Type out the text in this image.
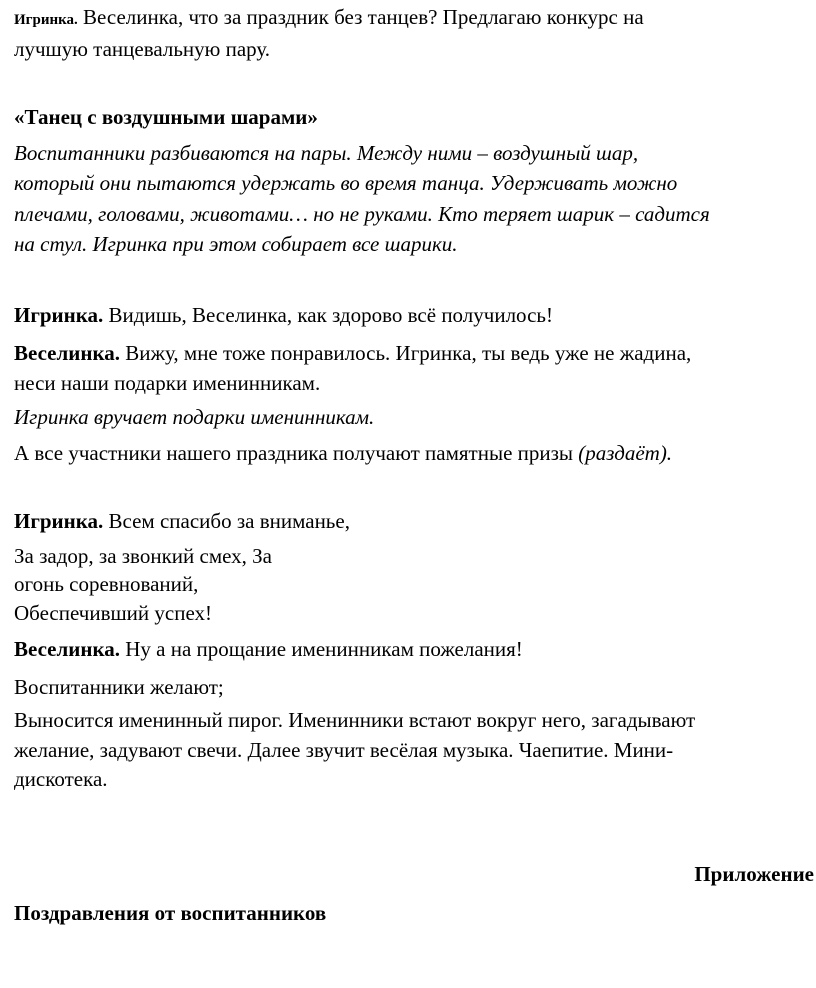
Игринка. Веселинка, что за праздник без танцев? Предлагаю конкурс на
лучшую танцевальную пару.
«Танец с воздушными шарами»
Воспитанники разбиваются на пары. Между ними – воздушный шар,
который они пытаются удержать во время танца. Удерживать можно
плечами, головами, животами… но не руками. Кто теряет шарик – садится
на стул. Игринка при этом собирает все шарики.
Игринка. Видишь, Веселинка, как здорово всё получилось!
Веселинка. Вижу, мне тоже понравилось. Игринка, ты ведь уже не жадина,
неси наши подарки именинникам.
Игринка вручает подарки именинникам.
А все участники нашего праздника получают памятные призы (раздаёт).
Игринка. Всем спасибо за вниманье,
За задор, за звонкий смех, За
огонь соревнований,
Обеспечивший успех!
Веселинка. Ну а на прощание именинникам пожелания!
Воспитанники желают;
Выносится именинный пирог. Именинники встают вокруг него, загадывают
желание, задувают свечи. Далее звучит весёлая музыка. Чаепитие. Мини-
дискотека.
Приложение
Поздравления от воспитанников
